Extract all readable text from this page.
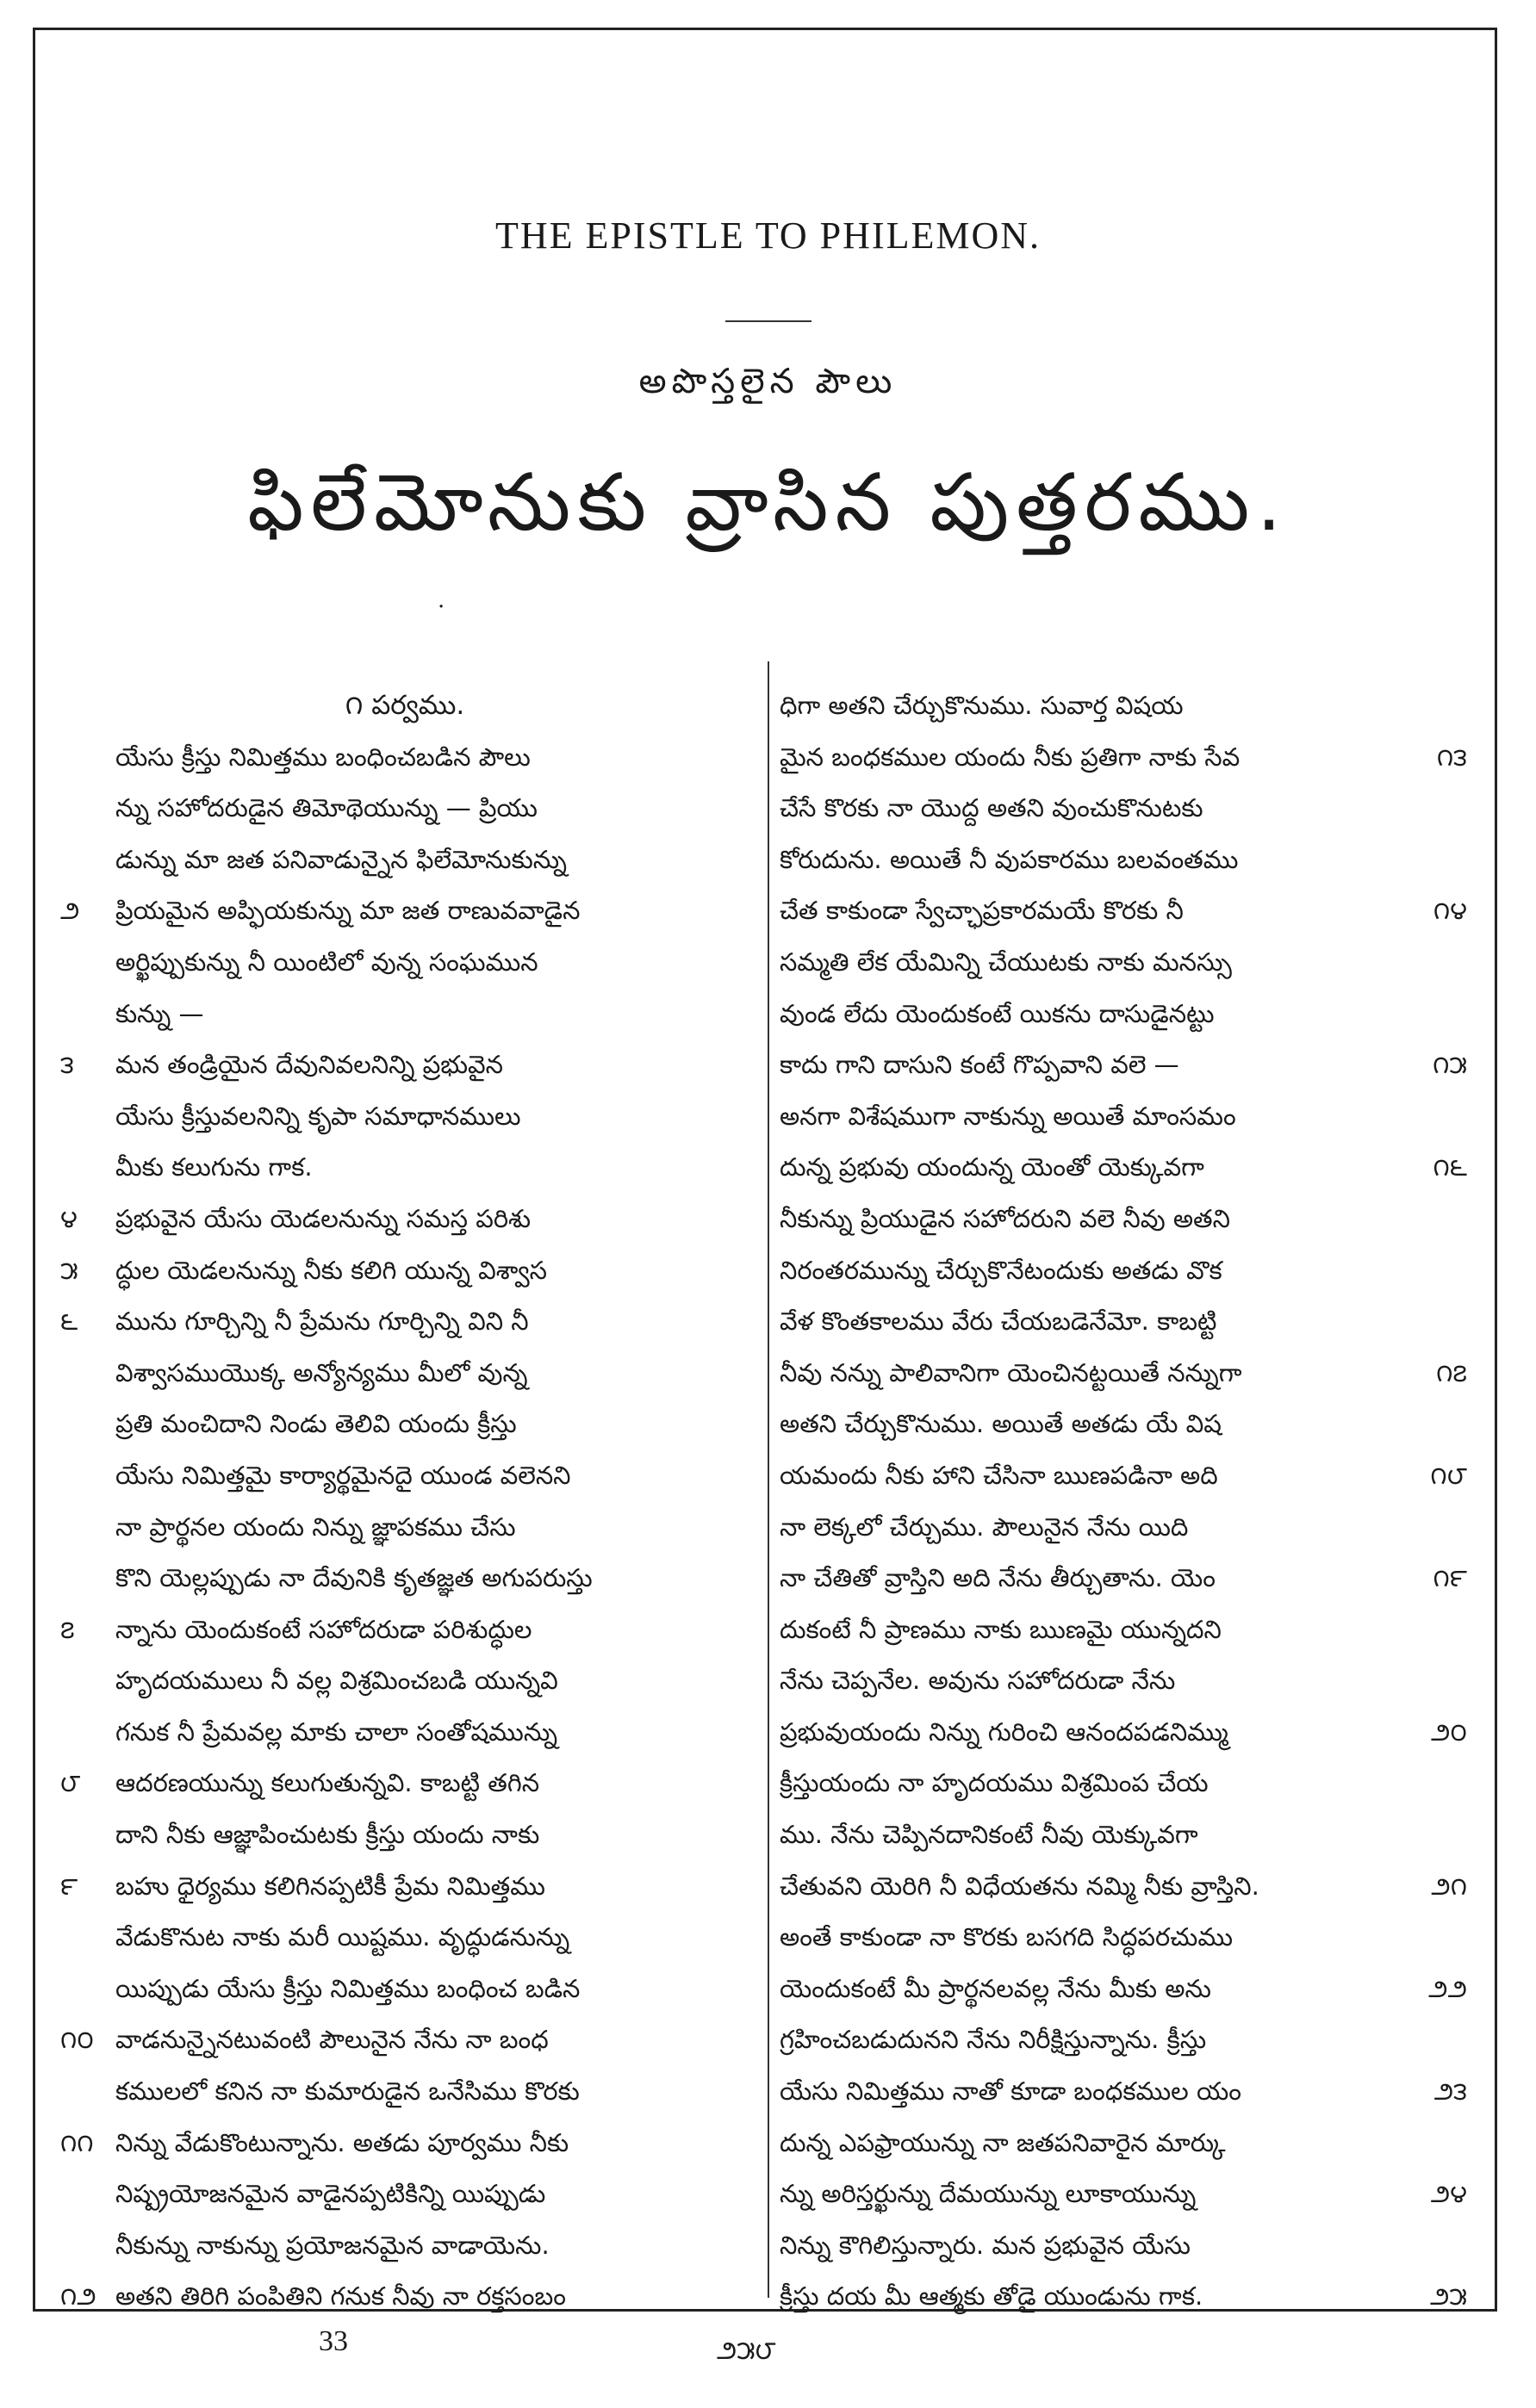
THE EPISTLE TO PHILEMON.
అపొస్తలైన పౌలు
ఫిలేమోనుకు వ్రాసిన పుత్తరము.
·
౧ పర్వము.
యేసు క్రీస్తు నిమిత్తము బంధించబడిన పౌలు
న్ను సహోదరుడైన తిమోథెయున్ను — ప్రియు
డున్ను మా జత పనివాడున్నైన ఫిలేమోనుకున్ను
౨ ప్రియమైన అప్ఫియకున్ను మా జత రాణువవాడైన
అర్ఖిప్పుకున్ను నీ యింటిలో వున్న సంఘమున
కున్ను —
౩ మన తండ్రియైన దేవునివలనిన్ని ప్రభువైన
యేసు క్రీస్తువలనిన్ని కృపా సమాధానములు
మీకు కలుగును గాక.
౪ ప్రభువైన యేసు యెడలనున్ను సమస్త పరిశు
౫ ద్ధుల యెడలనున్ను నీకు కలిగి యున్న విశ్వాస
౬ మును గూర్చిన్ని నీ ప్రేమను గూర్చిన్ని విని నీ
విశ్వాసముయొక్క అన్యోన్యము మీలో వున్న
ప్రతి మంచిదాని నిండు తెలివి యందు క్రీస్తు
యేసు నిమిత్తమై కార్యార్థమైనదై యుండ వలెనని
నా ప్రార్థనల యందు నిన్ను జ్ఞాపకము చేసు
కొని యెల్లప్పుడు నా దేవునికి కృతజ్ఞత అగుపరుస్తు
౭ న్నాను యెందుకంటే సహోదరుడా పరిశుద్ధుల
హృదయములు నీ వల్ల విశ్రమించబడి యున్నవి
గనుక నీ ప్రేమవల్ల మాకు చాలా సంతోషమున్ను
౮ ఆదరణయున్ను కలుగుతున్నవి. కాబట్టి తగిన
దాని నీకు ఆజ్ఞాపించుటకు క్రీస్తు యందు నాకు
౯ బహు ధైర్యము కలిగినప్పటికీ ప్రేమ నిమిత్తము
వేడుకొనుట నాకు మరీ యిష్టము. వృద్ధుడనున్ను
యిప్పుడు యేసు క్రీస్తు నిమిత్తము బంధించ బడిన
౧౦ వాడనున్నైనటువంటి పౌలునైన నేను నా బంధ
కములలో కనిన నా కుమారుడైన ఒనేసిము కొరకు
౧౧ నిన్ను వేడుకొంటున్నాను. అతడు పూర్వము నీకు
నిష్ప్రయోజనమైన వాడైనప్పటికిన్ని యిప్పుడు
నీకున్ను నాకున్ను ప్రయోజనమైన వాడాయెను.
౧౨ అతని తిరిగి పంపితిని గనుక నీవు నా రక్తసంబం
ధిగా అతని చేర్చుకొనుము. సువార్త విషయ
మైన బంధకముల యందు నీకు ప్రతిగా నాకు సేవ	౧౩
చేసే కొరకు నా యొద్ద అతని వుంచుకొనుటకు
కోరుదును. అయితే నీ వుపకారము బలవంతము
చేత కాకుండా స్వేచ్ఛాప్రకారమయే కొరకు నీ	౧౪
సమ్మతి లేక యేమిన్ని చేయుటకు నాకు మనస్సు
వుండ లేదు యెందుకంటే యికను దాసుడైనట్టు
కాదు గాని దాసుని కంటే గొప్పవాని వలె —	౧౫
అనగా విశేషముగా నాకున్ను అయితే మాంసమం
దున్న ప్రభువు యందున్న యెంతో యెక్కువగా	౧౬
నీకున్ను ప్రియుడైన సహోదరుని వలె నీవు అతని
నిరంతరమున్ను చేర్చుకొనేటందుకు అతడు వొక
వేళ కొంతకాలము వేరు చేయబడెనేమో. కాబట్టి
నీవు నన్ను పాలివానిగా యెంచినట్టయితే నన్నుగా	౧౭
అతని చేర్చుకొనుము. అయితే అతడు యే విష
యమందు నీకు హాని చేసినా ఋణపడినా అది	౧౮
నా లెక్కలో చేర్చుము. పౌలునైన నేను యిది
నా చేతితో వ్రాస్తిని అది నేను తీర్చుతాను. యెం	౧౯
దుకంటే నీ ప్రాణము నాకు ఋణమై యున్నదని
నేను చెప్పనేల. అవును సహోదరుడా నేను
ప్రభువుయందు నిన్ను గురించి ఆనందపడనిమ్ము	౨౦
క్రీస్తుయందు నా హృదయము విశ్రమింప చేయ
ము. నేను చెప్పినదానికంటే నీవు యెక్కువగా
చేతువని యెరిగి నీ విధేయతను నమ్మి నీకు వ్రాస్తిని.	౨౧
అంతే కాకుండా నా కొరకు బసగది సిద్ధపరచుము
యెందుకంటే మీ ప్రార్థనలవల్ల నేను మీకు అను	౨౨
గ్రహించబడుదునని నేను నిరీక్షిస్తున్నాను. క్రీస్తు
యేసు నిమిత్తము నాతో కూడా బంధకముల యం	౨౩
దున్న ఎపఫ్రాయున్ను నా జతపనివారైన మార్కు
న్ను అరిస్తర్ఖున్ను దేమయున్ను లూకాయున్ను	౨౪
నిన్ను కౌగిలిస్తున్నారు. మన ప్రభువైన యేసు
క్రీస్తు దయ మీ ఆత్మకు తోడై యుండును గాక.	౨౫
33	౨౫౮
